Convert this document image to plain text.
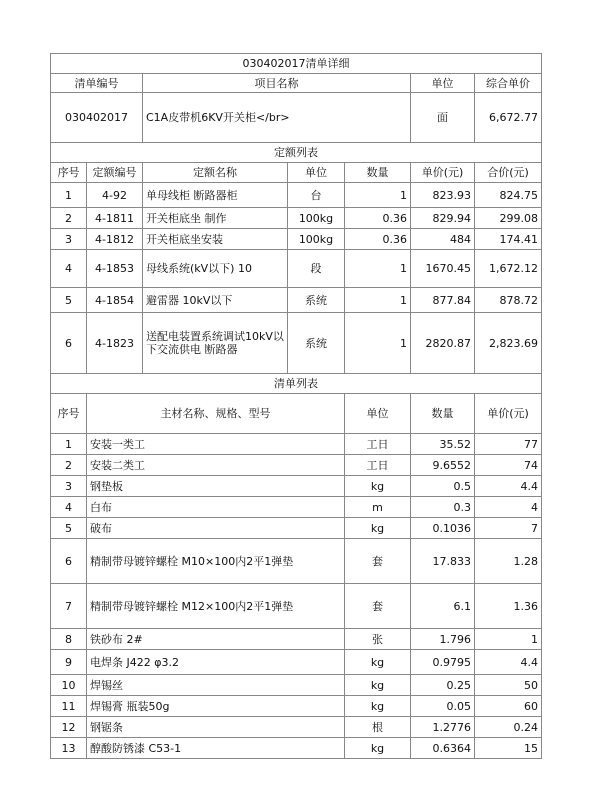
030402017清单详细							
清单编号		项目名称			单位	综合单价	
030402017		C1A皮带机6KV开关柜</br>			面	6,672.77	
定额列表							
序号	定额编号	定额名称	单位	数量	单价(元)	合价(元)	
1	4-92	单母线柜 断路器柜	台	1	823.93	824.75	
2	4-1811	开关柜底坐 制作	100kg	0.36	829.94	299.08	
3	4-1812	开关柜底坐安装	100kg	0.36	484	174.41	
4	4-1853	母线系统(kV以下) 10	段	1	1670.45	1,672.12	
5	4-1854	避雷器 10kV以下	系统	1	877.84	878.72	
6	4-1823	送配电装置系统调试10kV以下交流供电 断路器	系统	1	2820.87	2,823.69	
清单列表							
序号	主材名称、规格、型号			单位	数量	单价(元)	
1	安装一类工			工日	35.52	77	
2	安装二类工			工日	9.6552	74	
3	钢垫板			kg	0.5	4.4	
4	白布			m	0.3	4	
5	破布			kg	0.1036	7	
6	精制带母镀锌螺栓 M10×100内2平1弹垫			套	17.833	1.28	
7	精制带母镀锌螺栓 M12×100内2平1弹垫			套	6.1	1.36	
8	铁砂布 2#			张	1.796	1	
9	电焊条 J422 φ3.2			kg	0.9795	4.4	
10	焊锡丝			kg	0.25	50	
11	焊锡膏 瓶装50g			kg	0.05	60	
12	钢锯条			根	1.2776	0.24	
13	醇酸防锈漆 C53-1			kg	0.6364	15	
